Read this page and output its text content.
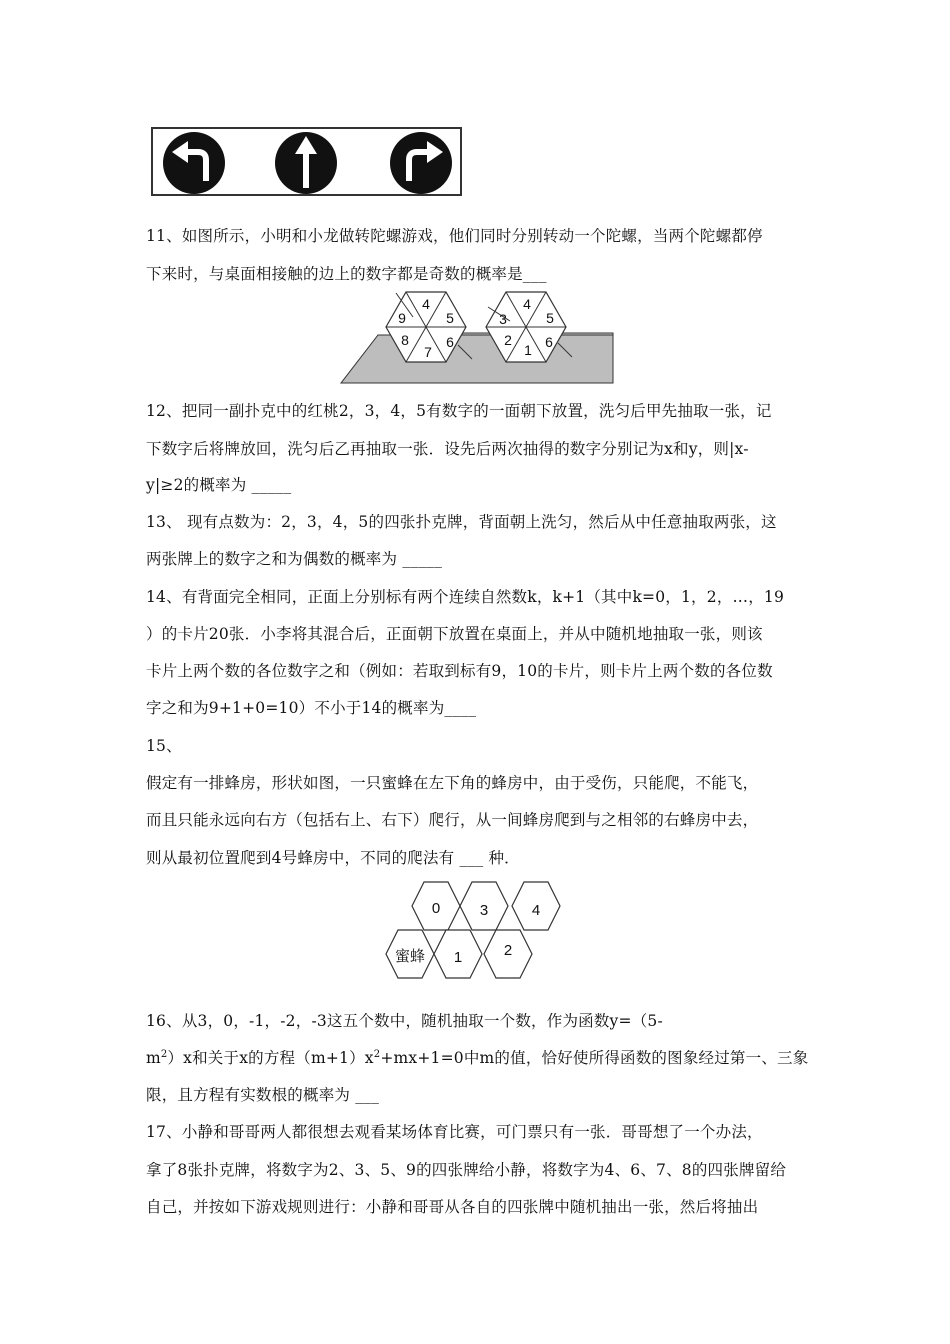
11、如图所示，小明和小龙做转陀螺游戏，他们同时分别转动一个陀螺，当两个陀螺都停
下来时，与桌面相接触的边上的数字都是奇数的概率是___
4
5
9
8
7
6
4
5
3
2
1 6
12、把同一副扑克中的红桃2，3，4，5有数字的一面朝下放置，洗匀后甲先抽取一张，记
下数字后将牌放回，洗匀后乙再抽取一张．设先后两次抽得的数字分别记为x和y，则|x-
y|≥2的概率为 _____
13、 现有点数为：2，3，4，5的四张扑克牌，背面朝上洗匀，然后从中任意抽取两张，这
两张牌上的数字之和为偶数的概率为 _____
14、有背面完全相同，正面上分别标有两个连续自然数k，k+1（其中k=0，1，2，…，19
）的卡片20张．小李将其混合后，正面朝下放置在桌面上，并从中随机地抽取一张，则该
卡片上两个数的各位数字之和（例如：若取到标有9，10的卡片，则卡片上两个数的各位数
字之和为9+1+0=10）不小于14的概率为____
15、
假定有一排蜂房，形状如图，一只蜜蜂在左下角的蜂房中，由于受伤，只能爬，不能飞，
而且只能永远向右方（包括右上、右下）爬行，从一间蜂房爬到与之相邻的右蜂房中去，
则从最初位置爬到4号蜂房中，不同的爬法有 ___ 种．
0	3	4
蜜蜂 1	2
16、从3，0，-1，-2，-3这五个数中，随机抽取一个数，作为函数y=（5-
$m^2)x$和关于x的方程$(m+1)x^2+mx+1=0$中m的值，恰好使所得函数的图象经过第一、三象
限，且方程有实数根的概率为 ___
17、小静和哥哥两人都很想去观看某场体育比赛，可门票只有一张．哥哥想了一个办法，
拿了8张扑克牌，将数字为2、3、5、9的四张牌给小静，将数字为4、6、7、8的四张牌留给
自己，并按如下游戏规则进行：小静和哥哥从各自的四张牌中随机抽出一张，然后将抽出
